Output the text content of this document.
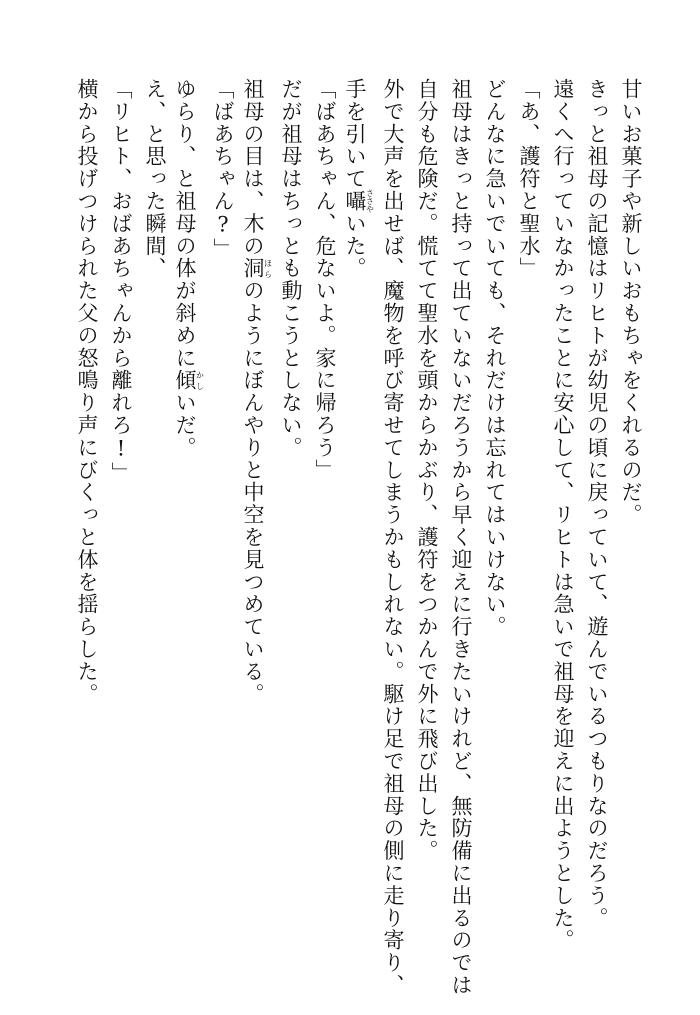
甘いお菓子や新しいおもちゃをくれるのだ。
きっと祖母の記憶はリヒトが幼児の頃に戻っていて、遊んでいるつもりなのだろう。
遠くへ行っていなかったことに安心して、リヒトは急いで祖母を迎えに出ようとした。
「あ、護符と聖水」
どんなに急いでいても、それだけは忘れてはいけない。
祖母はきっと持って出ていないだろうから早く迎えに行きたいけれど、無防備に出るのでは
自分も危険だ。慌てて聖水を頭からかぶり、護符をつかんで外に飛び出した。
外で大声を出せば、魔物を呼び寄せてしまうかもしれない。駆け足で祖母の側に走り寄り、
手を引いて囁ささやいた。
「ばあちゃん、危ないよ。家に帰ろう」
だが祖母はちっとも動こうとしない。
祖母の目は、木の洞ほらのようにぼんやりと中空を見つめている。
「ばあちゃん?」
ゆらり、と祖母の体が斜めに傾かしいだ。
え、と思った瞬間、
「リヒト、おばあちゃんから離れろ!」
横から投げつけられた父の怒鳴り声にびくっと体を揺らした。
